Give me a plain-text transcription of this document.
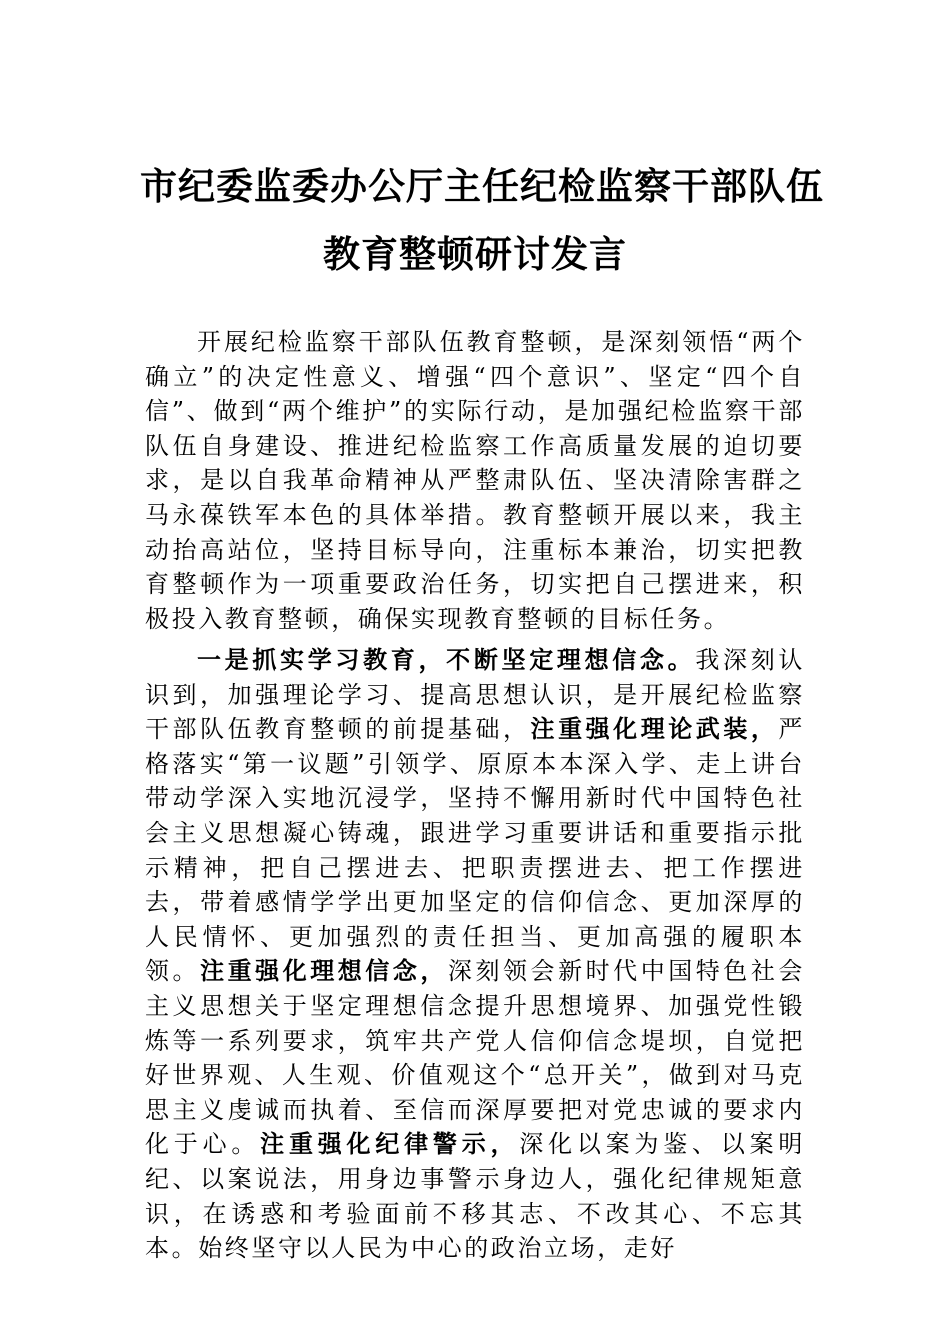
市纪委监委办公厅主任纪检监察干部队伍
教育整顿研讨发言
开展纪检监察干部队伍教育整顿，是深刻领悟“两个确立”的决定性意义、增强“四个意识”、坚定“四个自信”、做到“两个维护”的实际行动，是加强纪检监察干部队伍自身建设、推进纪检监察工作高质量发展的迫切要求，是以自我革命精神从严整肃队伍、坚决清除害群之马永葆铁军本色的具体举措。教育整顿开展以来，我主动抬高站位，坚持目标导向，注重标本兼治，切实把教育整顿作为一项重要政治任务，切实把自己摆进来，积极投入教育整顿，确保实现教育整顿的目标任务。
一是抓实学习教育，不断坚定理想信念。我深刻认识到，加强理论学习、提高思想认识，是开展纪检监察干部队伍教育整顿的前提基础，注重强化理论武装，严格落实“第一议题”引领学、原原本本深入学、走上讲台带动学深入实地沉浸学，坚持不懈用新时代中国特色社会主义思想凝心铸魂，跟进学习重要讲话和重要指示批示精神，把自己摆进去、把职责摆进去、把工作摆进去，带着感情学学出更加坚定的信仰信念、更加深厚的人民情怀、更加强烈的责任担当、更加高强的履职本领。注重强化理想信念，深刻领会新时代中国特色社会主义思想关于坚定理想信念提升思想境界、加强党性锻炼等一系列要求，筑牢共产党人信仰信念堤坝，自觉把好世界观、人生观、价值观这个“总开关”，做到对马克思主义虔诚而执着、至信而深厚要把对党忠诚的要求内化于心。注重强化纪律警示，深化以案为鉴、以案明纪、以案说法，用身边事警示身边人，强化纪律规矩意识，在诱惑和考验面前不移其志、不改其心、不忘其本。始终坚守以人民为中心的政治立场，走好
